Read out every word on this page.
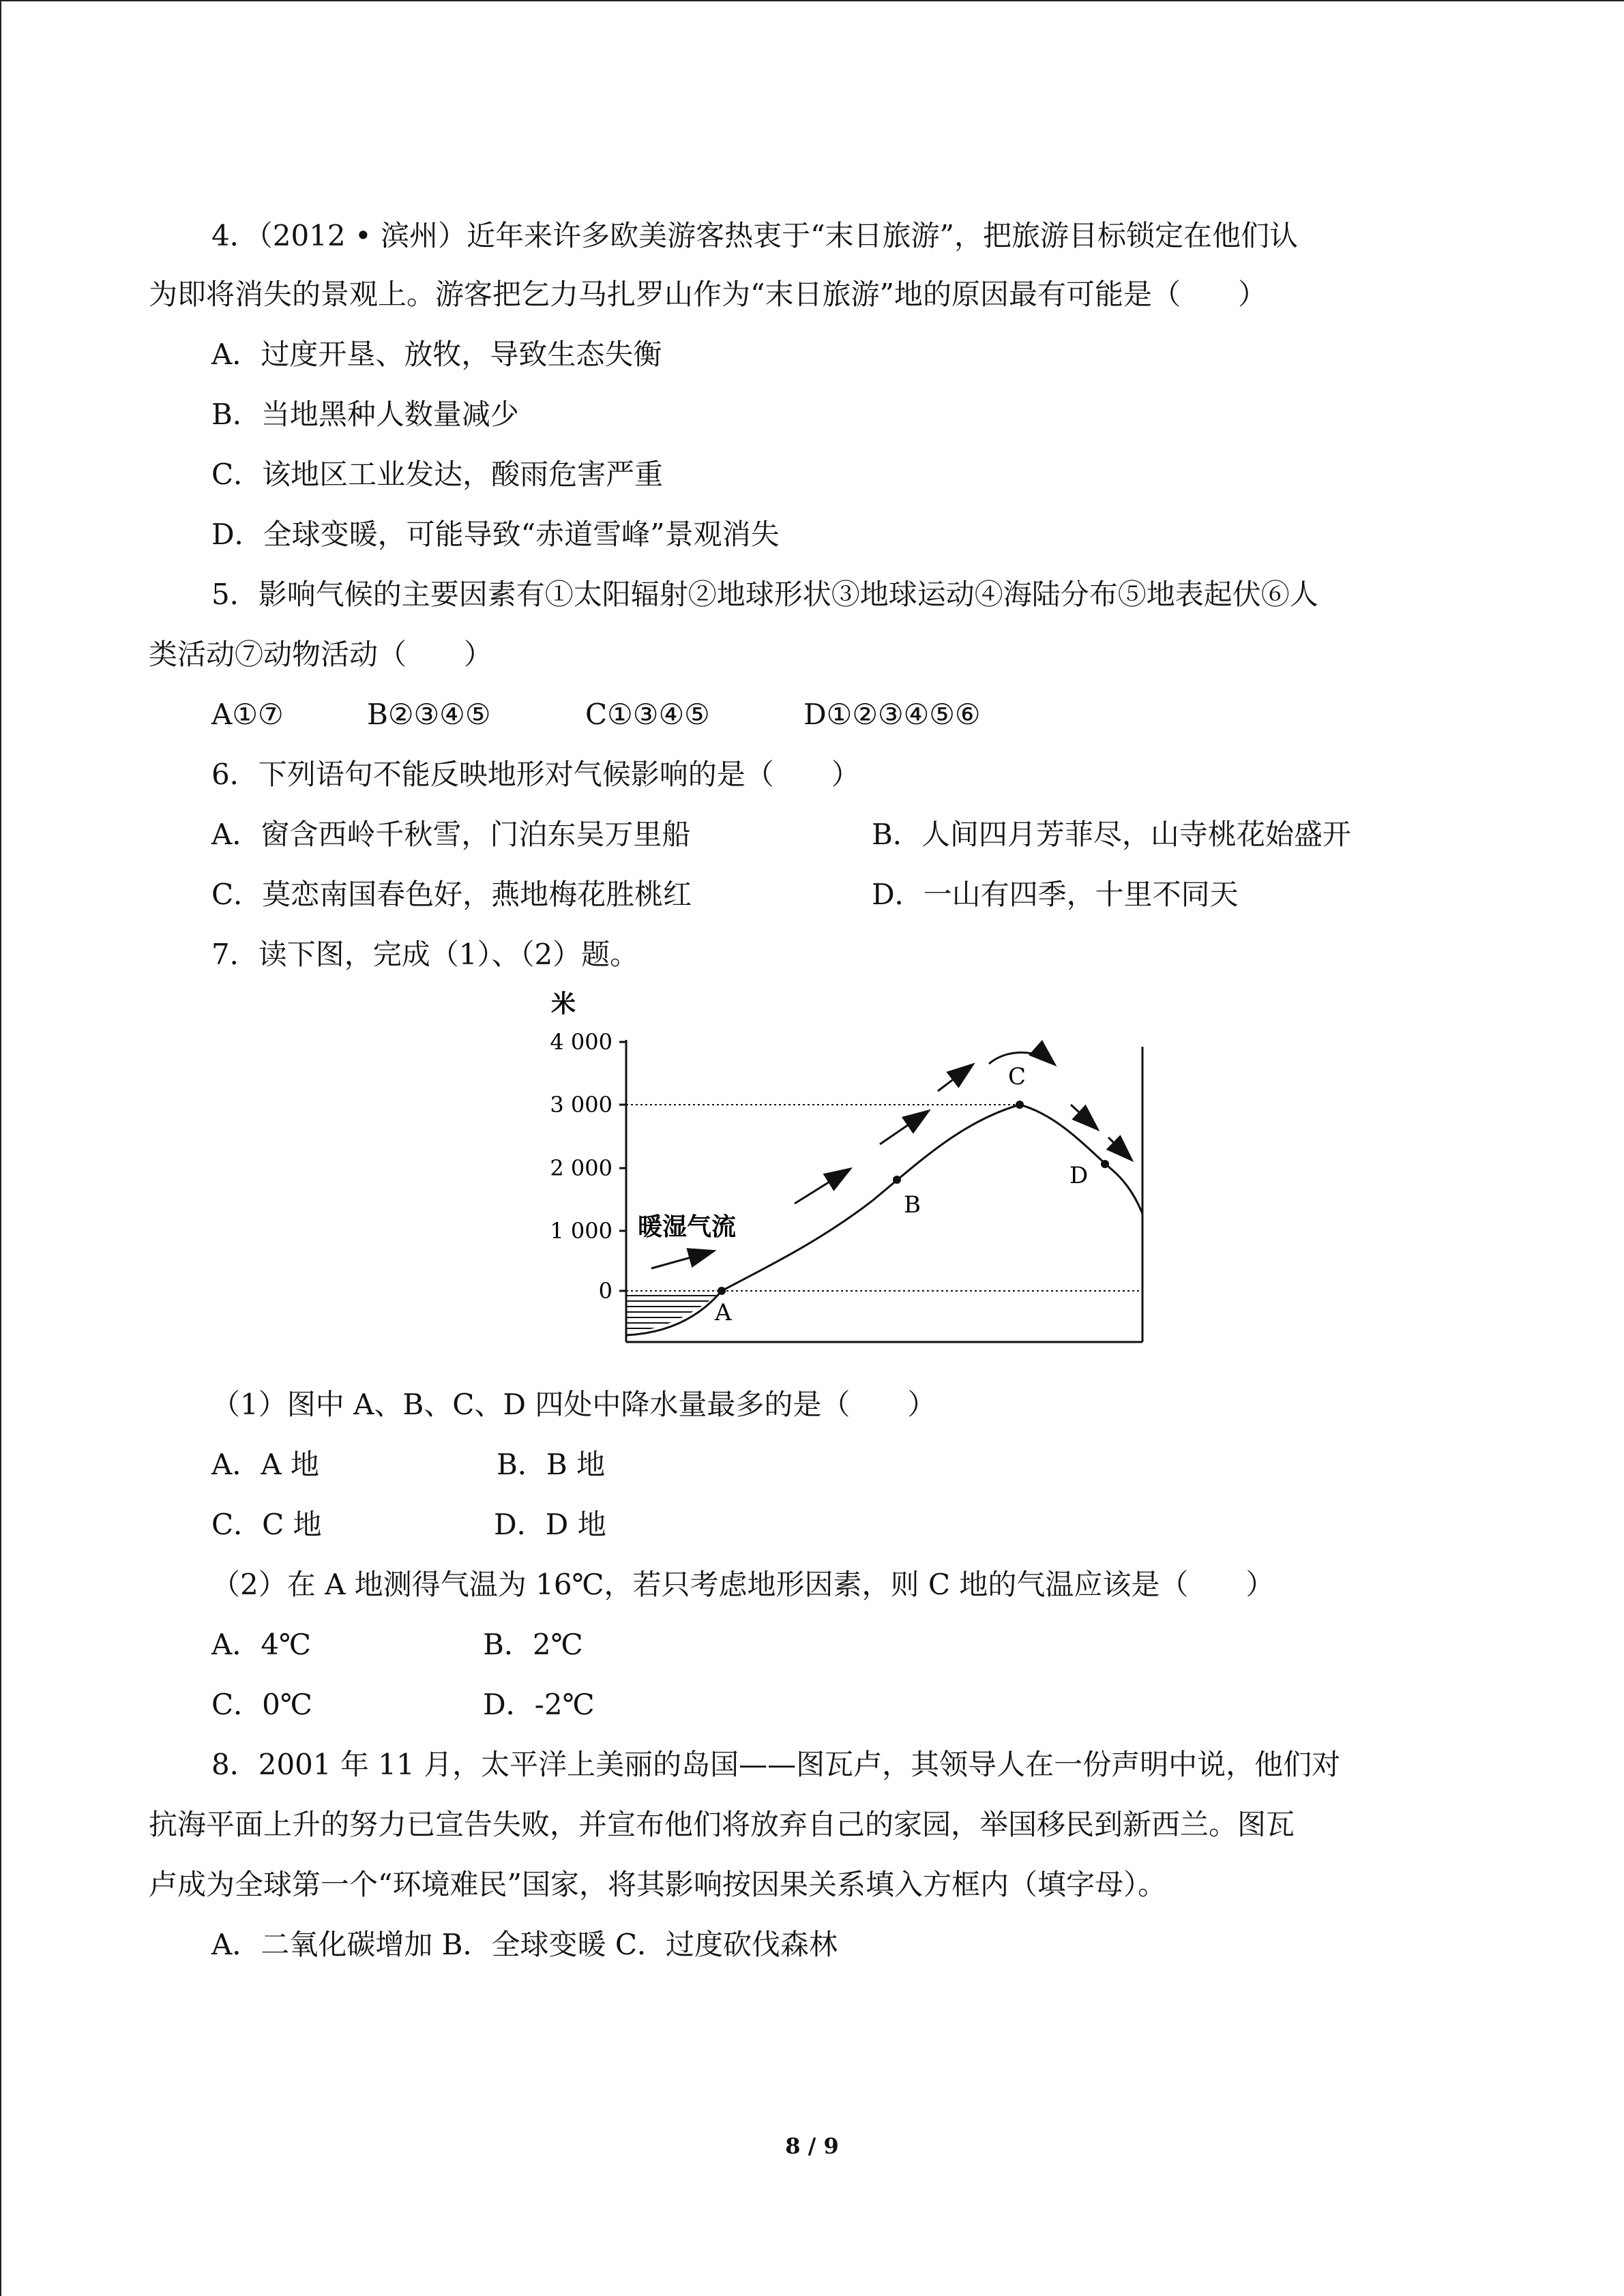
4．（2012 • 滨州）近年来许多欧美游客热衷于“末日旅游”，把旅游目标锁定在他们认
为即将消失的景观上。游客把乞力马扎罗山作为“末日旅游”地的原因最有可能是（　　）
A．过度开垦、放牧，导致生态失衡
B．当地黑种人数量减少
C．该地区工业发达，酸雨危害严重
D．全球变暖，可能导致“赤道雪峰”景观消失
5．影响气候的主要因素有①太阳辐射②地球形状③地球运动④海陆分布⑤地表起伏⑥人
类活动⑦动物活动（　　）
A①⑦	B②③④⑤	C①③④⑤	D①②③④⑤⑥
6．下列语句不能反映地形对气候影响的是（　　）
A．窗含西岭千秋雪，门泊东吴万里船	B．人间四月芳菲尽，山寺桃花始盛开
C．莫恋南国春色好，燕地梅花胜桃红	D．一山有四季，十里不同天
7．读下图，完成（1）、（2）题。
米
4 000
3 000
2 000
1 000
0
A
B
C
D
暖湿气流
（1）图中 A、B、C、D 四处中降水量最多的是（　　）
A．A 地	B．B 地
C．C 地	D．D 地
（2）在 A 地测得气温为 16℃，若只考虑地形因素，则 C 地的气温应该是（　　）
A．4℃	B．2℃
C．0℃	D．-2℃
8．2001 年 11 月，太平洋上美丽的岛国——图瓦卢，其领导人在一份声明中说，他们对
抗海平面上升的努力已宣告失败，并宣布他们将放弃自己的家园，举国移民到新西兰。图瓦
卢成为全球第一个“环境难民”国家，将其影响按因果关系填入方框内（填字母）。
A．二氧化碳增加 B．全球变暖 C．过度砍伐森林
8 / 9
